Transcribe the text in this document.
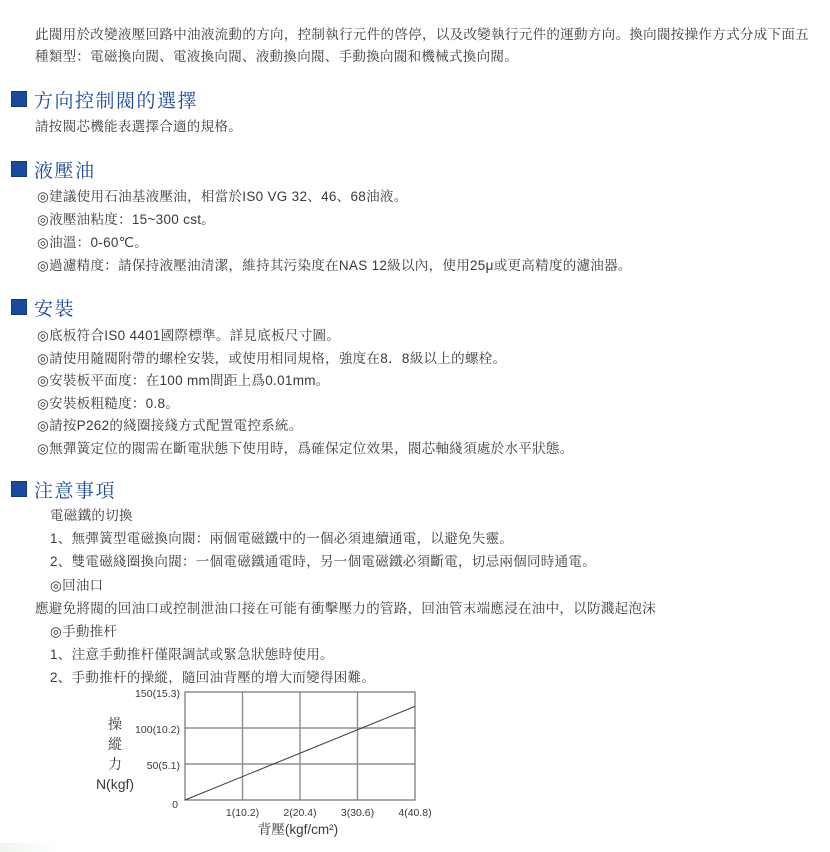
此閥用於改變液壓回路中油液流動的方向，控制執行元件的啓停，以及改變執行元件的運動方向。換向閥按操作方式分成下面五種類型：電磁換向閥、電液換向閥、液動換向閥、手動換向閥和機械式換向閥。

方向控制閥的選擇
請按閥芯機能表選擇合適的規格。
液壓油
◎建議使用石油基液壓油，相當於IS0 VG 32、46、68油液。
◎液壓油粘度：15~300 cst。
◎油溫：0-60℃。
◎過濾精度：請保持液壓油清潔，維持其污染度在NAS 12級以內，使用25μ或更高精度的濾油器。
安裝
◎底板符合IS0 4401國際標準。詳見底板尺寸圖。
◎請使用隨閥附帶的螺栓安裝，或使用相同規格，強度在8．8級以上的螺栓。
◎安裝板平面度：在100 mm間距上爲0.01mm。
◎安裝板粗糙度：0.8。
◎請按P262的綫圈接綫方式配置電控系統。
◎無彈簧定位的閥需在斷電狀態下使用時，爲確保定位效果，閥芯軸綫須處於水平狀態。
注意事項
電磁鐵的切換
1、無彈簧型電磁換向閥：兩個電磁鐵中的一個必須連續通電，以避免失靈。
2、雙電磁綫圈換向閥：一個電磁鐵通電時，另一個電磁鐵必須斷電，切忌兩個同時通電。
◎回油口
應避免將閥的回油口或控制泄油口接在可能有衝擊壓力的管路，回油管末端應浸在油中，以防濺起泡沫
◎手動推杆
1、注意手動推杆僅限調試或緊急狀態時使用。
2、手動推杆的操縱，隨回油背壓的增大而變得困難。
50(5.1)
100(10.2)
150(15.3)
0
1(10.2) 2(20.4) 3(30.6) 4(40.8)
背壓(kgf/cm²)
操
縱
力
N(kgf)
